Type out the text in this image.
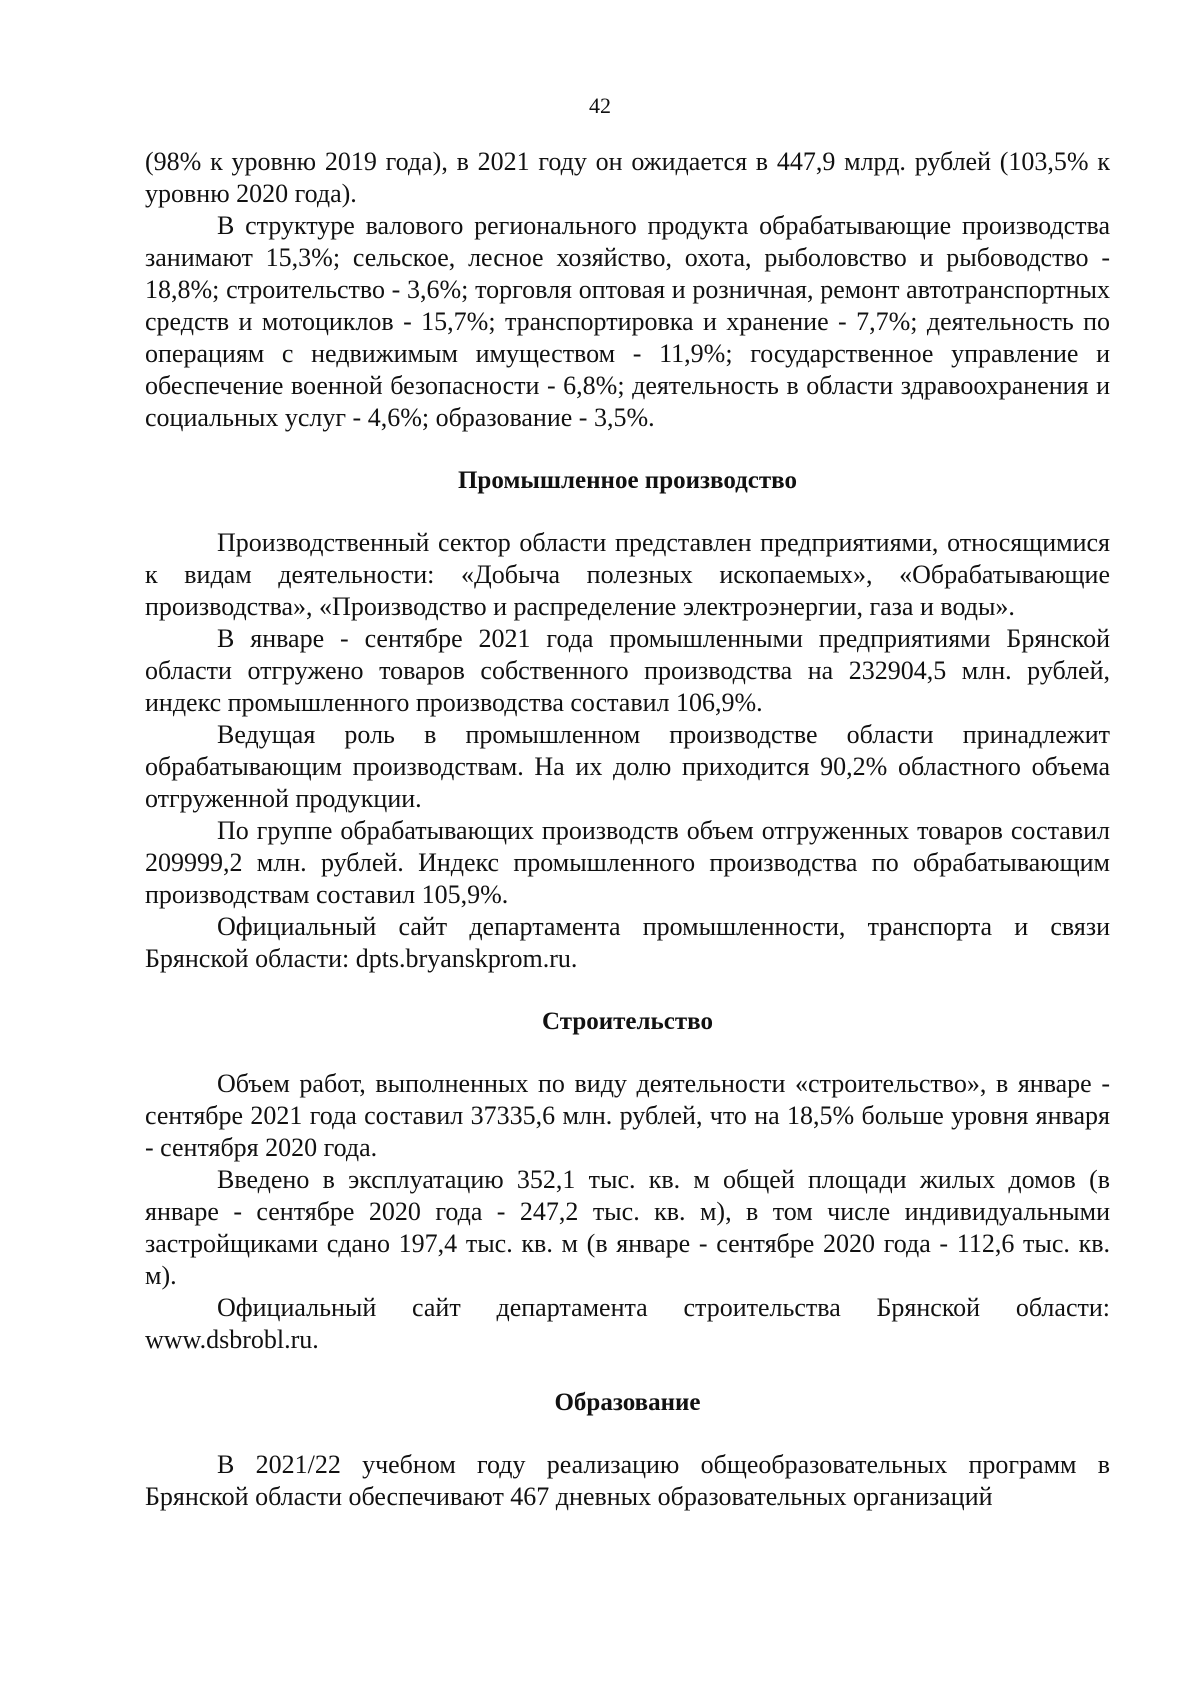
42

(98% к уровню 2019 года), в 2021 году он ожидается в 447,9 млрд. рублей (103,5% к уровню 2020 года).

В структуре валового регионального продукта обрабатывающие производства занимают 15,3%; сельское, лесное хозяйство, охота, рыболовство и рыбоводство - 18,8%; строительство - 3,6%; торговля оптовая и розничная, ремонт автотранспортных средств и мотоциклов - 15,7%; транспортировка и хранение - 7,7%; деятельность по операциям с недвижимым имуществом - 11,9%; государственное управление и обеспечение военной безопасности - 6,8%; деятельность в области здравоохранения и социальных услуг - 4,6%; образование - 3,5%.

Промышленное производство

Производственный сектор области представлен предприятиями, относящимися к видам деятельности: «Добыча полезных ископаемых», «Обрабатывающие производства», «Производство и распределение электроэнергии, газа и воды».

В январе - сентябре 2021 года промышленными предприятиями Брянской области отгружено товаров собственного производства на 232904,5 млн. рублей, индекс промышленного производства составил 106,9%.

Ведущая роль в промышленном производстве области принадлежит обрабатывающим производствам. На их долю приходится 90,2% областного объема отгруженной продукции.

По группе обрабатывающих производств объем отгруженных товаров составил 209999,2 млн. рублей. Индекс промышленного производства по обрабатывающим производствам составил 105,9%.

Официальный сайт департамента промышленности, транспорта и связи Брянской области: dpts.bryanskprom.ru.

Строительство

Объем работ, выполненных по виду деятельности «строительство», в январе - сентябре 2021 года составил 37335,6 млн. рублей, что на 18,5% больше уровня января - сентября 2020 года.

Введено в эксплуатацию 352,1 тыс. кв. м общей площади жилых домов (в январе - сентябре 2020 года - 247,2 тыс. кв. м), в том числе индивидуальными застройщиками сдано 197,4 тыс. кв. м (в январе - сентябре 2020 года - 112,6 тыс. кв. м).

Официальный сайт департамента строительства Брянской области: www.dsbrobl.ru.

Образование

В 2021/22 учебном году реализацию общеобразовательных программ в Брянской области обеспечивают 467 дневных образовательных организаций
